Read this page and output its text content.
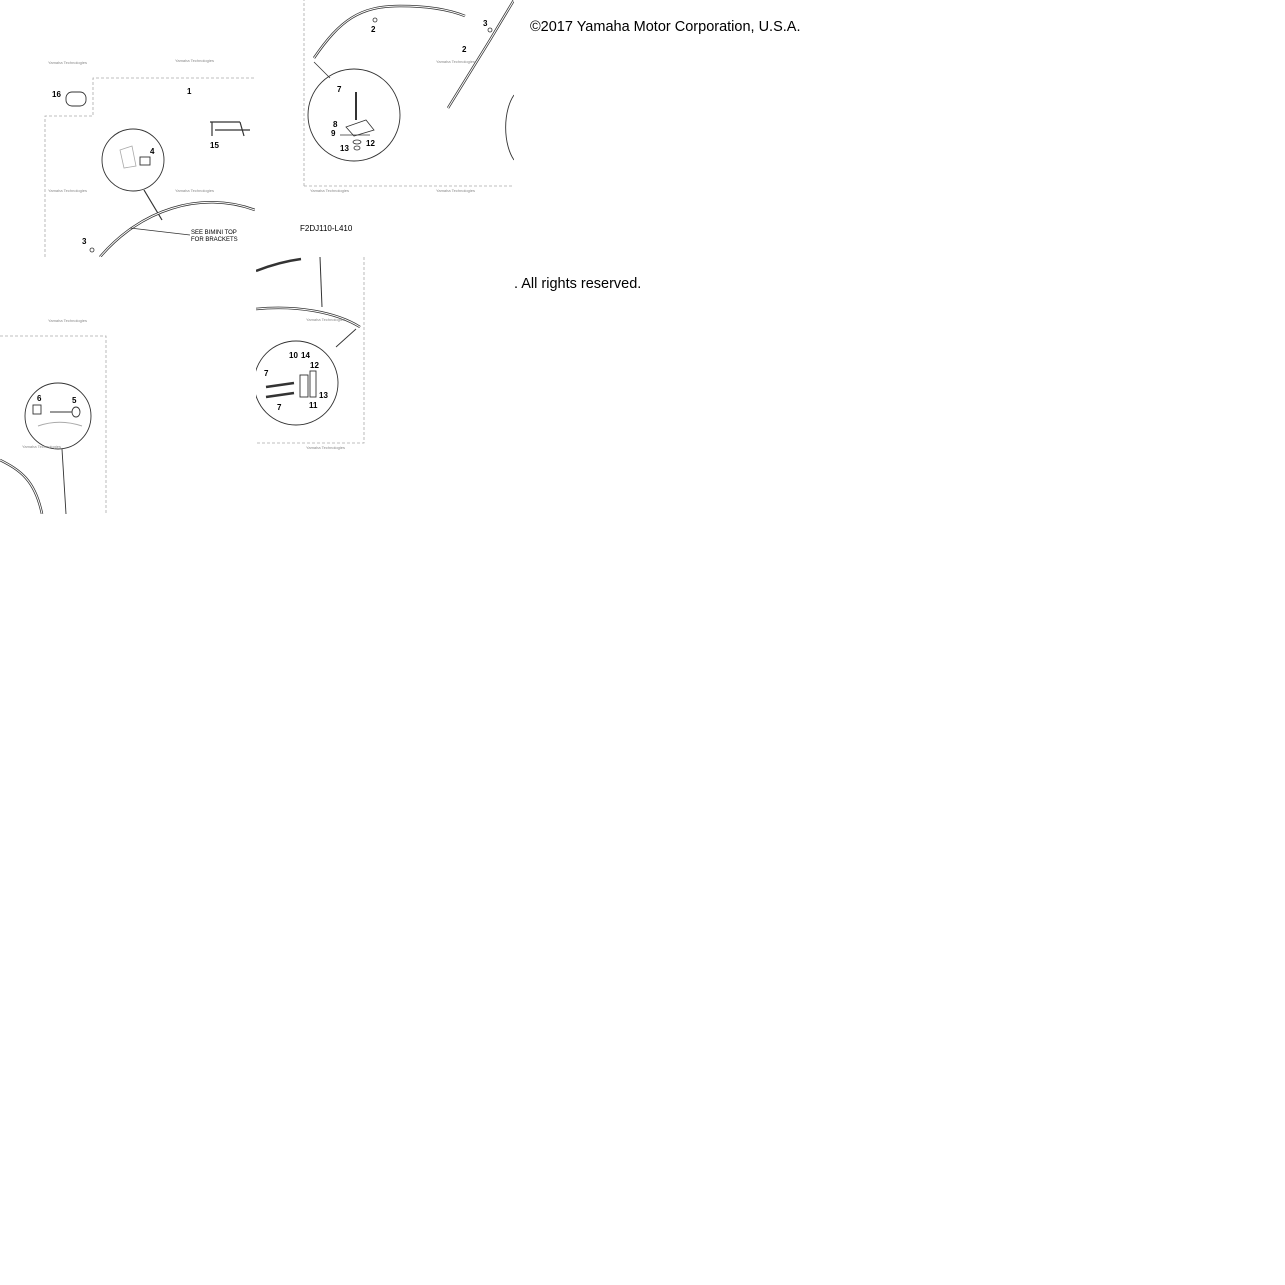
Yamaha Technologies
Yamaha Technologies	Yamaha Technologies
2
3
2
7
8
9
12
13
Yamaha Technologies	Yamaha Technologies
Yamaha Technologies	Yamaha Technologies
16	1
15
4
3
Yamaha Technologies
Yamaha Technologies
10 14
12
7
13
7	11
Yamaha Technologies
Yamaha Technologies
6	5
SEE BIMINI TOP
FOR BRACKETS
F2DJ110-L410
©2017 Yamaha Motor Corporation, U.S.A.
. All rights reserved.
